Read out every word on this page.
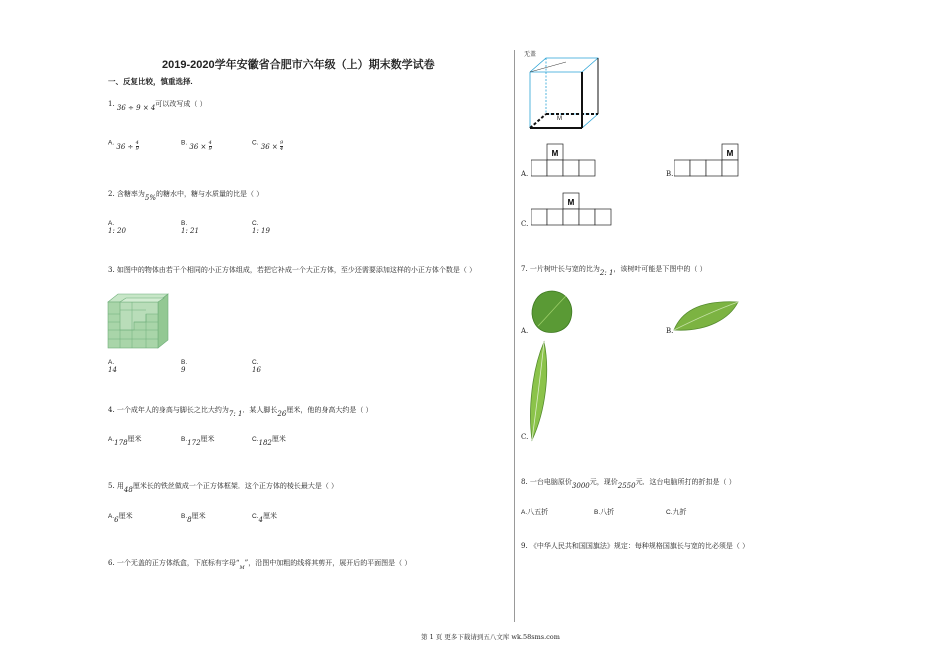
2019-2020学年安徽省合肥市六年级（上）期末数学试卷
一、反复比较，慎重选择.
1. 36 ÷ 9 × 4可以改写成（ ）
A. $36 \div \frac{4}{9}$	B. $36 \times \frac{4}{9}$	C. $36 \times \frac{9}{4}$
2. 含糖率为5%的糖水中，糖与水质量的比是（ ）
A.
1: 20
B.
1: 21
C.
1: 19
3. 如图中的物体由若干个相同的小正方体组成，若把它补成一个大正方体，至少还需要添加这样的小正方体个数是（ ）
A.
14
B.
9
C.
16
4. 一个成年人的身高与脚长之比大约为7: 1．某人脚长26厘米，他的身高大约是（ ）
A.178厘米	B.172厘米	C.182厘米
5. 用48厘米长的铁丝做成一个正方体框架．这个正方体的棱长最大是（ ）
A.6厘米	B.8厘米	C.4厘米
6. 一个无盖的正方体纸盒，下底标有字母“M”，沿图中加粗的线将其剪开，展开后的平面图是（ ）
无盖
M
A.
M
B.
M
C.
M
7. 一片树叶长与宽的比为2: 1，该树叶可能是下图中的（ ）
A.	B.
C.
8. 一台电脑原价3000元，现价2550元．这台电脑所打的折扣是（ ）
A.八五折	B.八折	C.九折
9. 《中华人民共和国国旗法》规定：每种规格国旗长与宽的比必须是（ ）
第 1 页 更多下载请到五八文库 wk.58sms.com
